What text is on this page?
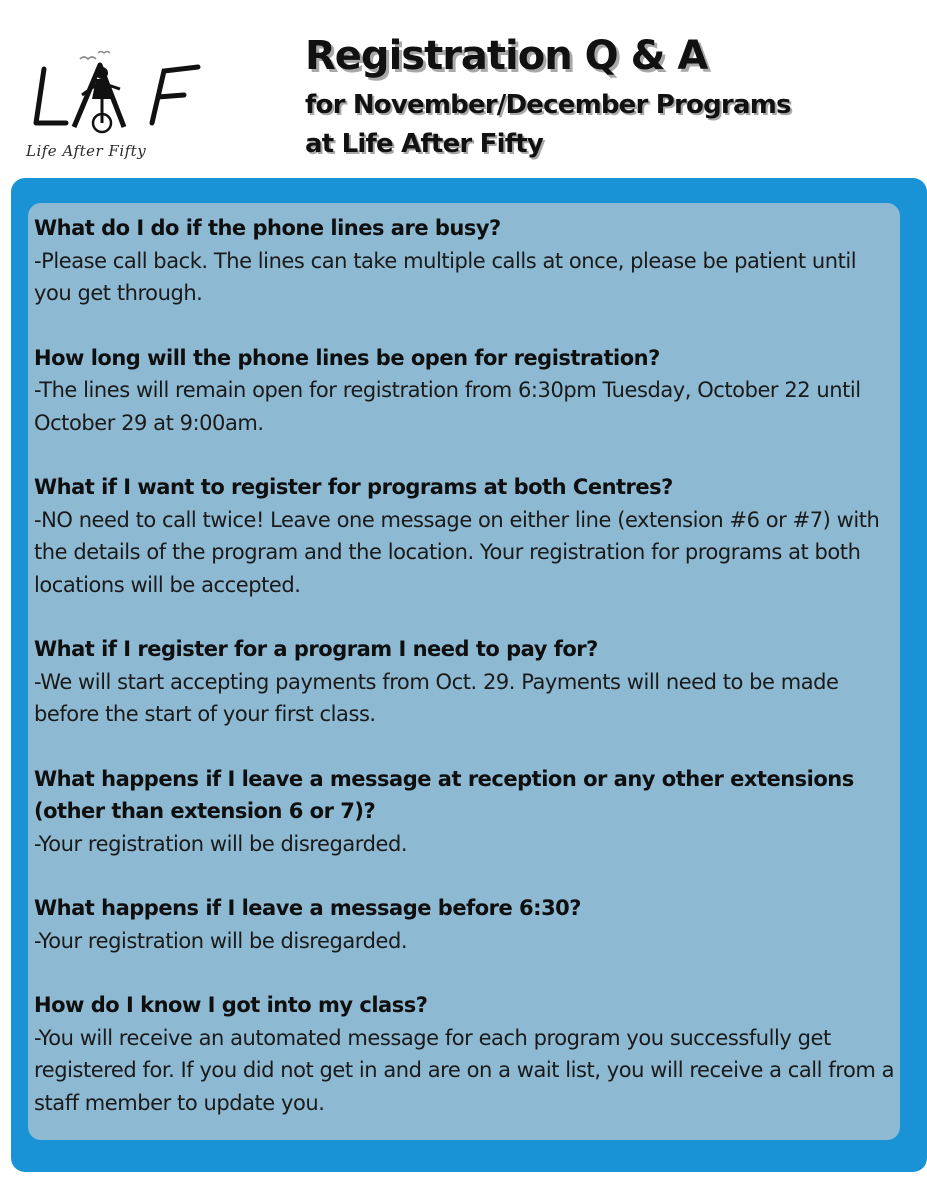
Life After Fifty
Registration Q & A
for November/December Programs
at Life After Fifty
What do I do if the phone lines are busy?
-Please call back. The lines can take multiple calls at once, please be patient until you get through.
How long will the phone lines be open for registration?
-The lines will remain open for registration from 6:30pm Tuesday, October 22 until October 29 at 9:00am.
What if I want to register for programs at both Centres?
-NO need to call twice! Leave one message on either line (extension #6 or #7) with the details of the program and the location. Your registration for programs at both locations will be accepted.
What if I register for a program I need to pay for?
-We will start accepting payments from Oct. 29. Payments will need to be made before the start of your first class.
What happens if I leave a message at reception or any other extensions (other than extension 6 or 7)?
-Your registration will be disregarded.
What happens if I leave a message before 6:30?
-Your registration will be disregarded.
How do I know I got into my class?
-You will receive an automated message for each program you successfully get registered for. If you did not get in and are on a wait list, you will receive a call from a staff member to update you.
